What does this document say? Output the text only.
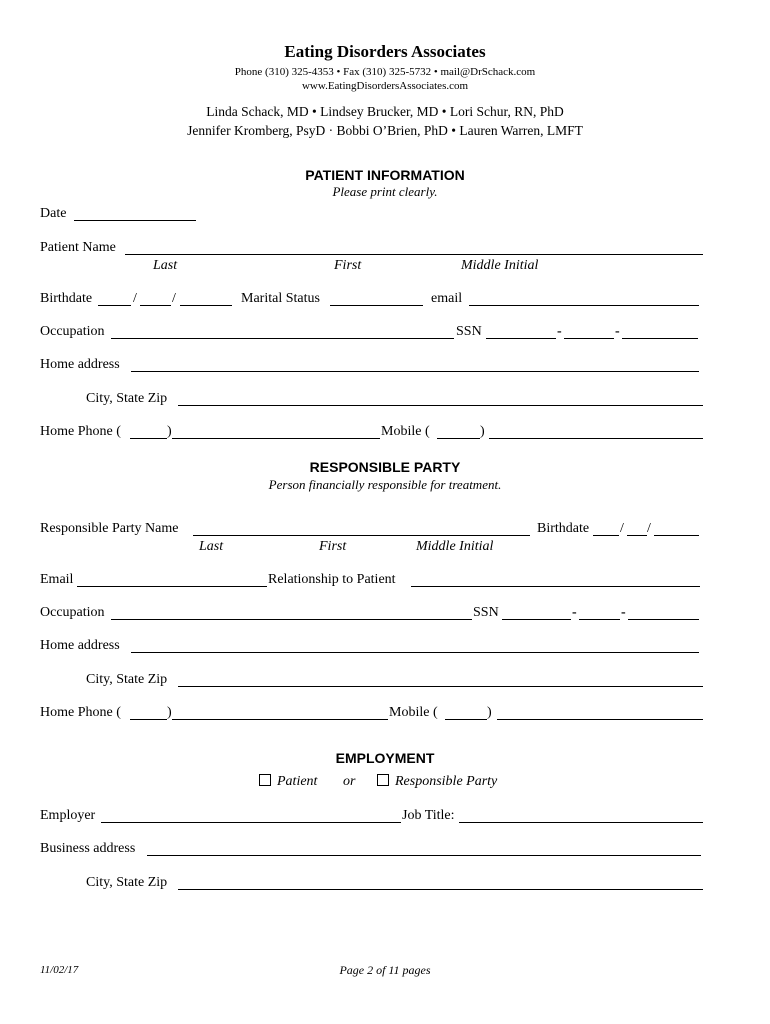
Eating Disorders Associates
Phone (310) 325-4353 • Fax (310) 325-5732 • mail@DrSchack.com
www.EatingDisordersAssociates.com
Linda Schack, MD • Lindsey Brucker, MD • Lori Schur, RN, PhD
Jennifer Kromberg, PsyD · Bobbi O’Brien, PhD • Lauren Warren, LMFT
PATIENT INFORMATION
Please print clearly.
Date
Patient Name
Last	First	Middle Initial
Birthdate	/	/	Marital Status	email
Occupation	SSN	-	-
Home address
City, State Zip
Home Phone (	)	Mobile (	)
RESPONSIBLE PARTY
Person financially responsible for treatment.
Responsible Party Name	Birthdate / /
Last	First	Middle Initial
Email	Relationship to Patient
Occupation	SSN	-	-
Home address
City, State Zip
Home Phone (	)	Mobile (	)
EMPLOYMENT
Patient or	Responsible Party
Employer	Job Title:
Business address
City, State Zip
11/02/17	Page 2 of 11 pages
